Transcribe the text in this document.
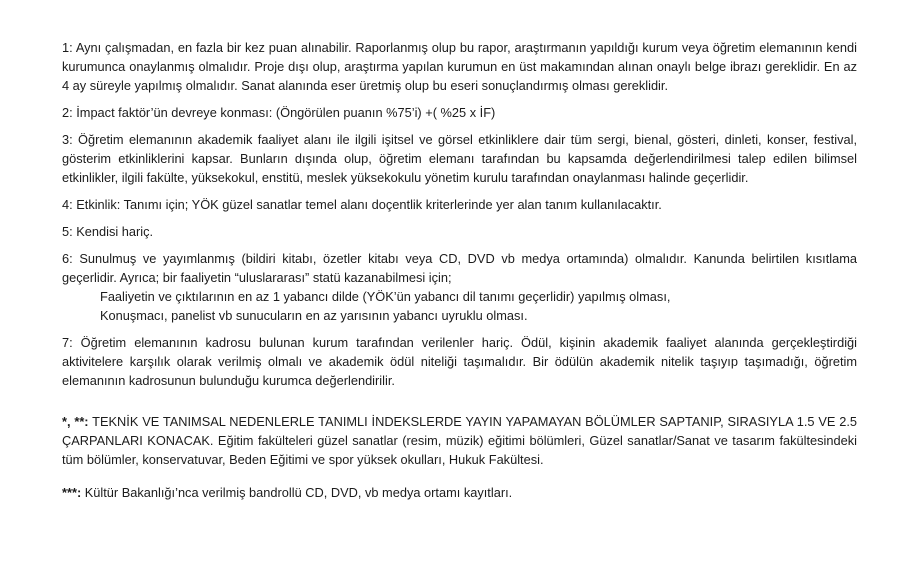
1: Aynı çalışmadan, en fazla bir kez puan alınabilir. Raporlanmış olup bu rapor, araştırmanın yapıldığı kurum veya öğretim elemanının kendi kurumunca onaylanmış olmalıdır. Proje dışı olup, araştırma yapılan kurumun en üst makamından alınan onaylı belge ibrazı gereklidir. En az 4 ay süreyle yapılmış olmalıdır. Sanat alanında eser üretmiş olup bu eseri sonuçlandırmış olması gereklidir.

2: İmpact faktör’ün devreye konması: (Öngörülen puanın %75’i) +( %25 x İF)

3: Öğretim elemanının akademik faaliyet alanı ile ilgili işitsel ve görsel etkinliklere dair tüm sergi, bienal, gösteri, dinleti, konser, festival, gösterim etkinliklerini kapsar. Bunların dışında olup, öğretim elemanı tarafından bu kapsamda değerlendirilmesi talep edilen bilimsel etkinlikler, ilgili fakülte, yüksekokul, enstitü, meslek yüksekokulu yönetim kurulu tarafından onaylanması halinde geçerlidir.

4: Etkinlik: Tanımı için; YÖK güzel sanatlar temel alanı doçentlik kriterlerinde yer alan tanım kullanılacaktır.

5: Kendisi hariç.

6: Sunulmuş ve yayımlanmış (bildiri kitabı, özetler kitabı veya CD, DVD vb medya ortamında) olmalıdır. Kanunda belirtilen kısıtlama geçerlidir. Ayrıca; bir faaliyetin “uluslararası” statü kazanabilmesi için;
Faaliyetin ve çıktılarının en az 1 yabancı dilde (YÖK’ün yabancı dil tanımı geçerlidir) yapılmış olması,
Konuşmacı, panelist vb sunucuların en az yarısının yabancı uyruklu olması.

7: Öğretim elemanının kadrosu bulunan kurum tarafından verilenler hariç. Ödül, kişinin akademik faaliyet alanında gerçekleştirdiği aktivitelere karşılık olarak verilmiş olmalı ve akademik ödül niteliği taşımalıdır. Bir ödülün akademik nitelik taşıyıp taşımadığı, öğretim elemanının kadrosunun bulunduğu kurumca değerlendirilir.

*, **: TEKNİK VE TANIMSAL NEDENLERLE TANIMLI İNDEKSLERDE YAYIN YAPAMAYAN BÖLÜMLER SAPTANIP, SIRASIYLA 1.5 VE 2.5 ÇARPANLARI KONACAK. Eğitim fakülteleri güzel sanatlar (resim, müzik) eğitimi bölümleri, Güzel sanatlar/Sanat ve tasarım fakültesindeki tüm bölümler, konservatuvar, Beden Eğitimi ve spor yüksek okulları, Hukuk Fakültesi.

***: Kültür Bakanlığı’nca verilmiş bandrollü CD, DVD, vb medya ortamı kayıtları.
